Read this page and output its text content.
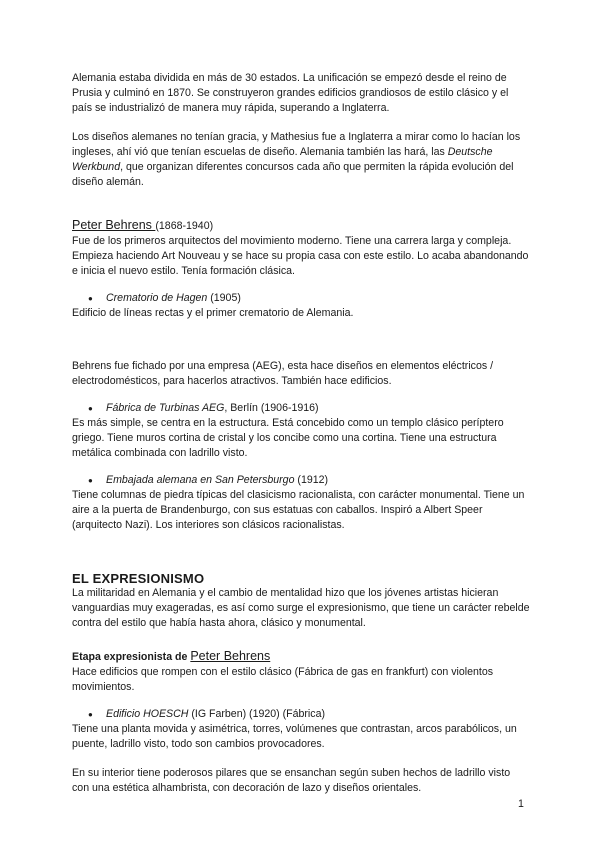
Alemania estaba dividida en más de 30 estados. La unificación se empezó desde el reino de Prusia y culminó en 1870. Se construyeron grandes edificios grandiosos de estilo clásico y el país se industrializó de manera muy rápida, superando a Inglaterra.

Los diseños alemanes no tenían gracia, y Mathesius fue a Inglaterra a mirar como lo hacían los ingleses, ahí vió que tenían escuelas de diseño. Alemania también las hará, las Deutsche Werkbund, que organizan diferentes concursos cada año que permiten la rápida evolución del diseño alemán.

Peter Behrens (1868-1940)

Fue de los primeros arquitectos del movimiento moderno. Tiene una carrera larga y compleja. Empieza haciendo Art Nouveau y se hace su propia casa con este estilo. Lo acaba abandonando e inicia el nuevo estilo. Tenía formación clásica.

● Crematorio de Hagen (1905)

Edificio de líneas rectas y el primer crematorio de Alemania.

Behrens fue fichado por una empresa (AEG), esta hace diseños en elementos eléctricos / electrodomésticos, para hacerlos atractivos. También hace edificios.

● Fábrica de Turbinas AEG, Berlín (1906-1916)

Es más simple, se centra en la estructura. Está concebido como un templo clásico períptero griego. Tiene muros cortina de cristal y los concibe como una cortina. Tiene una estructura metálica combinada con ladrillo visto.

● Embajada alemana en San Petersburgo (1912)

Tiene columnas de piedra típicas del clasicismo racionalista, con carácter monumental. Tiene un aire a la puerta de Brandenburgo, con sus estatuas con caballos. Inspiró a Albert Speer (arquitecto Nazi). Los interiores son clásicos racionalistas.

EL EXPRESIONISMO

La militaridad en Alemania y el cambio de mentalidad hizo que los jóvenes artistas hicieran vanguardias muy exageradas, es así como surge el expresionismo, que tiene un carácter rebelde contra del estilo que había hasta ahora, clásico y monumental.

Etapa expresionista de Peter Behrens

Hace edificios que rompen con el estilo clásico (Fábrica de gas en frankfurt) con violentos movimientos.

● Edificio HOESCH (IG Farben) (1920) (Fábrica)

Tiene una planta movida y asimétrica, torres, volúmenes que contrastan, arcos parabólicos, un puente, ladrillo visto, todo son cambios provocadores.

En su interior tiene poderosos pilares que se ensanchan según suben hechos de ladrillo visto con una estética alhambrista, con decoración de lazo y diseños orientales.

1
